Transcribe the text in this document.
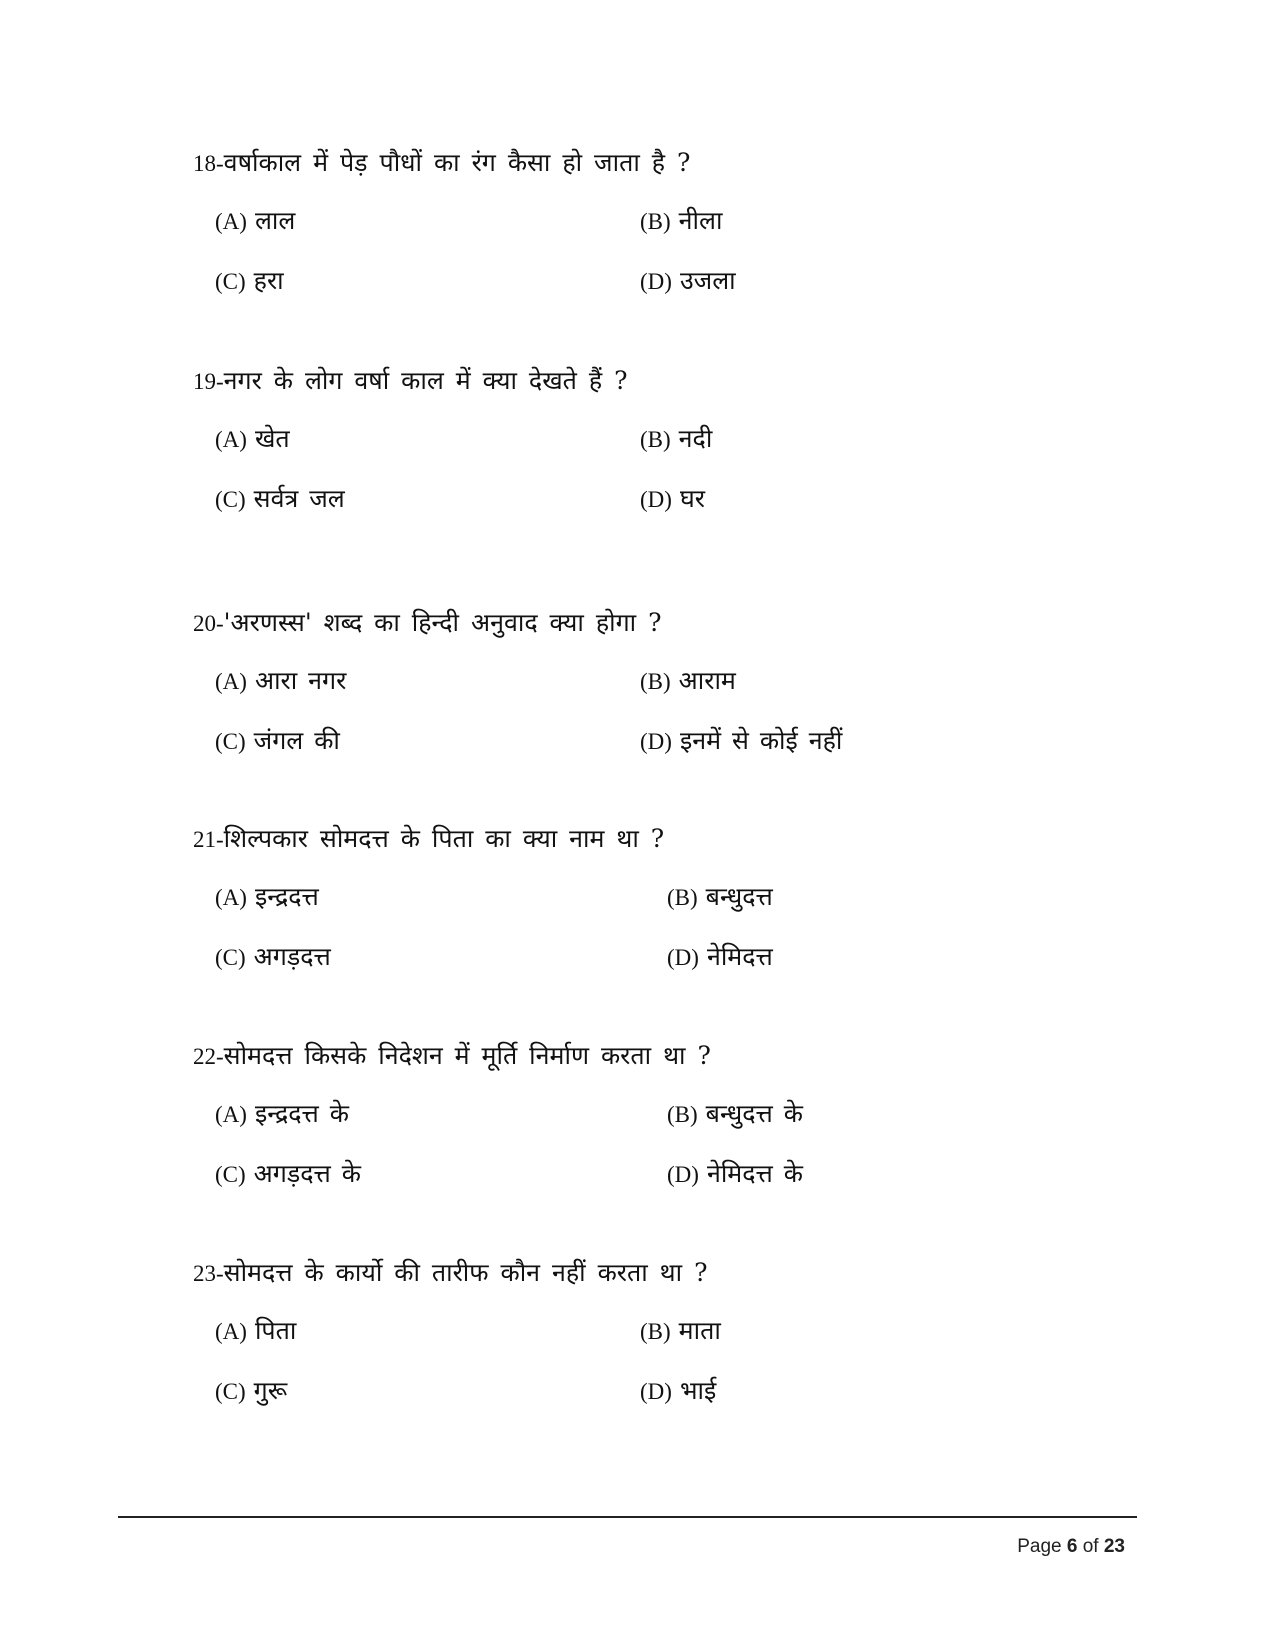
18-वर्षाकाल में पेड़ पौधों का रंग कैसा हो जाता है ?
(A) लाल	(B) नीला
(C) हरा	(D) उजला
19-नगर के लोग वर्षा काल में क्या देखते हैं ?
(A) खेत	(B) नदी
(C) सर्वत्र जल	(D) घर
20-'अरणस्स' शब्द का हिन्दी अनुवाद क्या होगा ?
(A) आरा नगर	(B) आराम
(C) जंगल की	(D) इनमें से कोई नहीं
21-शिल्पकार सोमदत्त के पिता का क्या नाम था ?
(A) इन्द्रदत्त	(B) बन्धुदत्त
(C) अगड़दत्त	(D) नेमिदत्त
22-सोमदत्त किसके निदेशन में मूर्ति निर्माण करता था ?
(A) इन्द्रदत्त के	(B) बन्धुदत्त के
(C) अगड़दत्त के	(D) नेमिदत्त के
23-सोमदत्त के कार्यो की तारीफ कौन नहीं करता था ?
(A) पिता	(B) माता
(C) गुरू	(D) भाई
Page 6 of 23
